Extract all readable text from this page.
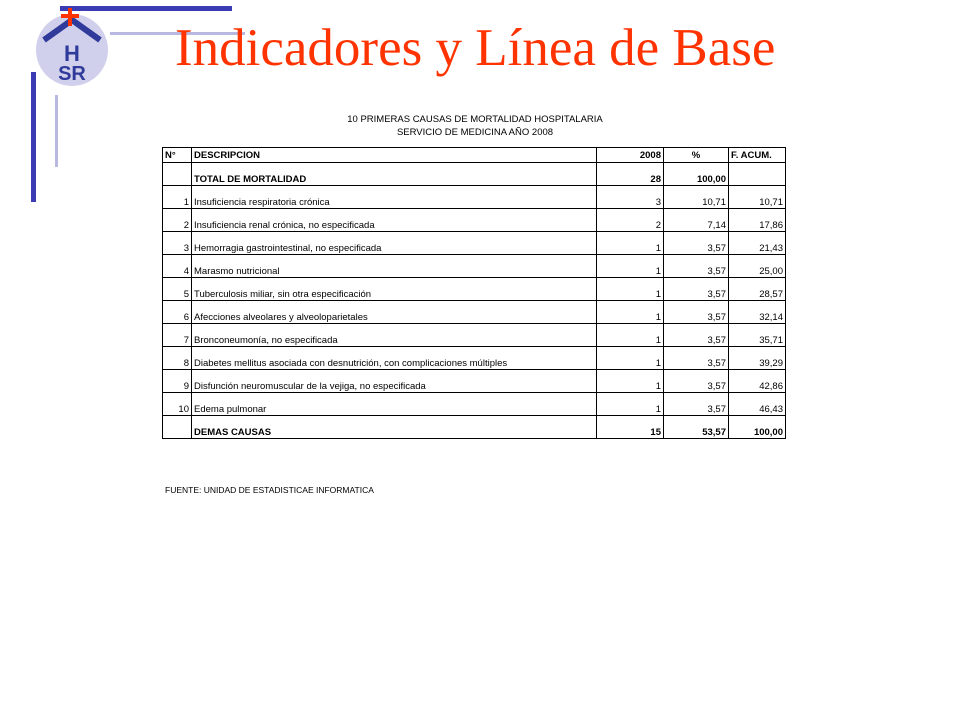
H
SR Indicadores y Línea de Base
10 PRIMERAS CAUSAS DE MORTALIDAD HOSPITALARIA
SERVICIO DE MEDICINA AÑO 2008
N°	DESCRIPCION	2008	%	F. ACUM.
	TOTAL DE MORTALIDAD	28	100,00	
1	Insuficiencia respiratoria crónica	3	10,71	10,71
2	Insuficiencia renal crónica, no especificada	2	7,14	17,86
3	Hemorragia gastrointestinal, no especificada	1	3,57	21,43
4	Marasmo nutricional	1	3,57	25,00
5	Tuberculosis miliar, sin otra especificación	1	3,57	28,57
6	Afecciones alveolares y alveoloparietales	1	3,57	32,14
7	Bronconeumonía, no especificada	1	3,57	35,71
8	Diabetes mellitus asociada con desnutrición, con complicaciones múltiples	1	3,57	39,29
9	Disfunción neuromuscular de la vejiga, no especificada	1	3,57	42,86
10	Edema pulmonar	1	3,57	46,43
	DEMAS CAUSAS	15	53,57	100,00
FUENTE: UNIDAD DE ESTADISTICAE INFORMATICA
